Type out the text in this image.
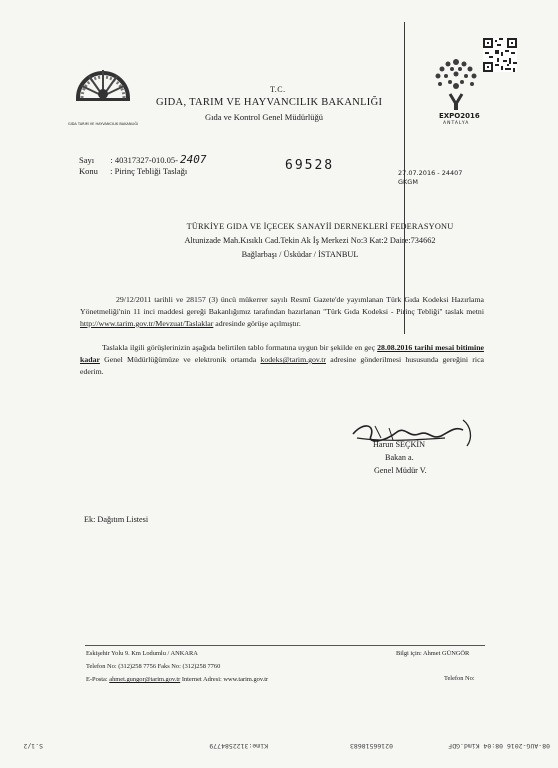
GIDA TARIM VE HAYVANCILIK BAKANLIĞI
EXPO2016
ANTALYA
T.C.
GIDA, TARIM VE HAYVANCILIK BAKANLIĞI
Gıda ve Kontrol Genel Müdürlüğü
Sayı : 40317327-010.05- 2407
Konu : Pirinç Tebliği Taslağı	69528	27.07.2016 - 24407
GKGM
TÜRKİYE GIDA VE İÇECEK SANAYİİ DERNEKLERİ FEDERASYONU
Altunizade Mah.Kısıklı Cad.Tekin Ak İş Merkezi No:3 Kat:2 Daire:734662
Bağlarbaşı / Üsküdar / İSTANBUL
29/12/2011 tarihli ve 28157 (3) üncü mükerrer sayılı Resmî Gazete'de yayımlanan Türk Gıda Kodeksi Hazırlama Yönetmeliği'nin 11 inci maddesi gereği Bakanlığımız tarafından hazırlanan "Türk Gıda Kodeksi - Pirinç Tebliği" taslak metni http://www.tarim.gov.tr/Mevzuat/Taslaklar adresinde görüşe açılmıştır.
Taslakla ilgili görüşlerinizin aşağıda belirtilen tablo formatına uygun bir şekilde en geç 28.08.2016 tarihi mesai bitimine kadar Genel Müdürlüğümüze ve elektronik ortamda kodeks@tarim.gov.tr adresine gönderilmesi hususunda gereğini rica ederim.
Harun SEÇKİN
Bakan a.
Genel Müdür V.
Ek: Dağıtım Listesi
Eskişehir Yolu 9. Km Lodumlu / ANKARA
Telefon No: (312)258 7756 Faks No: (312)258 7760
E-Posta: ahmet.gungor@tarim.gov.tr Internet Adresi: www.tarim.gov.tr
Bilgi için: Ahmet GÜNGÖR
Telefon No:
08-AUG-2016 08:04 Kimd.GDF
02166518683
Kime:3122584779
S.1/2
